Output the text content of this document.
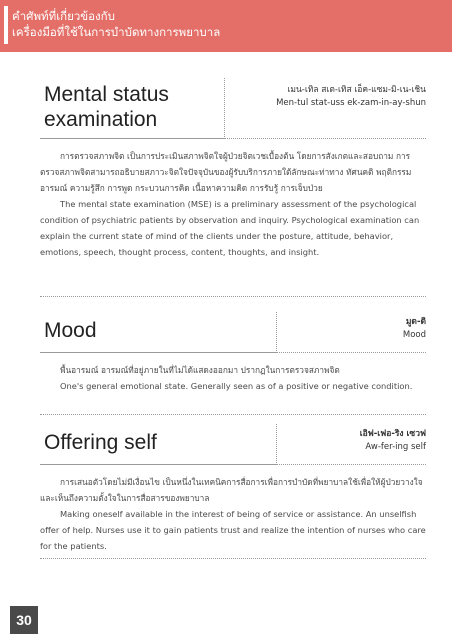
คำศัพท์ที่เกี่ยวข้องกับ
เครื่องมือที่ใช้ในการบำบัดทางการพยาบาล
Mental status
examination
เมน-เทิล สเต-เทิส เอ็ค-แซม-มิ-เน-เชิน
Men-tul stat-uss ek-zam-in-ay-shun

การตรวจสภาพจิต เป็นการประเมินสภาพจิตใจผู้ป่วยจิตเวชเบื้องต้น โดยการสังเกตและสอบถาม การตรวจสภาพจิตสามารถอธิบายสภาวะจิตใจปัจจุบันของผู้รับบริการภายใต้ลักษณะท่าทาง ทัศนคติ พฤติกรรม อารมณ์ ความรู้สึก การพูด กระบวนการคิด เนื้อหาความคิด การรับรู้ การเจ็บป่วย

The mental state examination (MSE) is a preliminary assessment of the psychological condition of psychiatric patients by observation and inquiry. Psychological examination can explain the current state of mind of the clients under the posture, attitude, behavior, emotions, speech, thought process, content, thoughts, and insight.

Mood	มูด-ดิ
Mood

พื้นอารมณ์ อารมณ์ที่อยู่ภายในที่ไม่ได้แสดงออกมา ปรากฏในการตรวจสภาพจิต

One's general emotional state. Generally seen as of a positive or negative condition.

Offering self	เอิฟ-เฟอ-ริง เซวฟ
Aw-fer-ing self

การเสนอตัวโดยไม่มีเงื่อนไข เป็นหนึ่งในเทคนิคการสื่อการเพื่อการบำบัดที่พยาบาลใช้เพื่อให้ผู้ป่วยวางใจ และเห็นถึงความตั้งใจในการสื่อสารของพยาบาล

Making oneself available in the interest of being of service or assistance. An unselfish offer of help. Nurses use it to gain patients trust and realize the intention of nurses who care for the patients.

30
